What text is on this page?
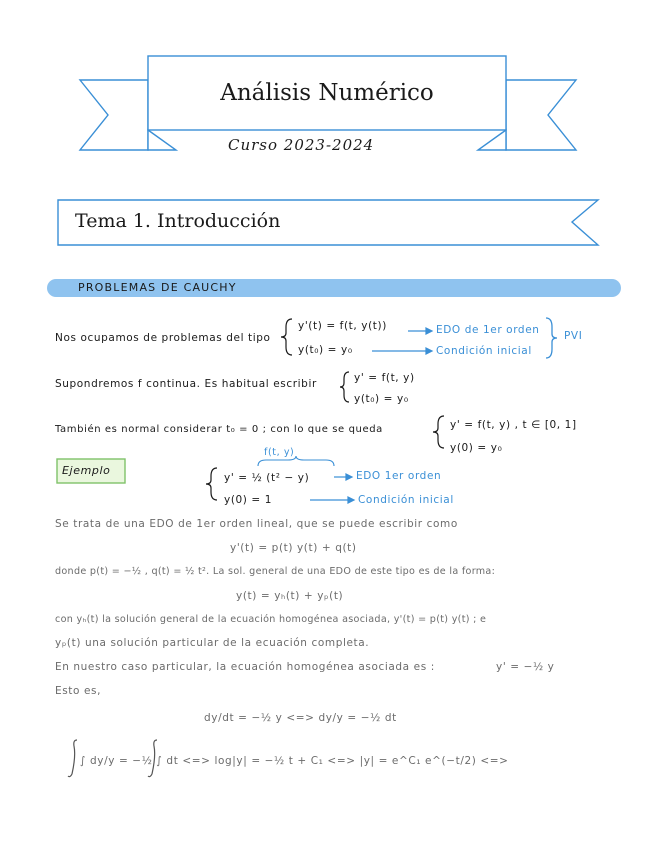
Análisis Numérico
Curso 2023-2024
Tema 1. Introducción
PROBLEMAS DE CAUCHY
Nos ocupamos de problemas del tipo
y'(t) = f(t, y(t))
y(t₀) = y₀
EDO de 1er orden
Condición inicial
PVI
Supondremos f continua. Es habitual escribir	y' = f(t, y)
y(t₀) = y₀
También es normal considerar t₀ = 0 ; con lo que se queda	y' = f(t, y) , t ∈ [0, 1]
y(0) = y₀
Ejemplo
f(t, y)
y' = ½ (t² − y)
y(0) = 1
EDO 1er orden
Condición inicial
Se trata de una EDO de 1er orden lineal, que se puede escribir como
y'(t) = p(t) y(t) + q(t)
donde p(t) = −½ , q(t) = ½ t². La sol. general de una EDO de este tipo es de la forma:
y(t) = yₕ(t) + yₚ(t)
con yₕ(t) la solución general de la ecuación homogénea asociada, y'(t) = p(t) y(t) ; e
yₚ(t) una solución particular de la ecuación completa.
En nuestro caso particular, la ecuación homogénea asociada es :	y' = −½ y
Esto es,
dy/dt = −½ y <=> dy/y = −½ dt
∫ dy/y = −½ ∫ dt <=> log|y| = −½ t + C₁ <=> |y| = e^C₁ e^(−t/2) <=>
